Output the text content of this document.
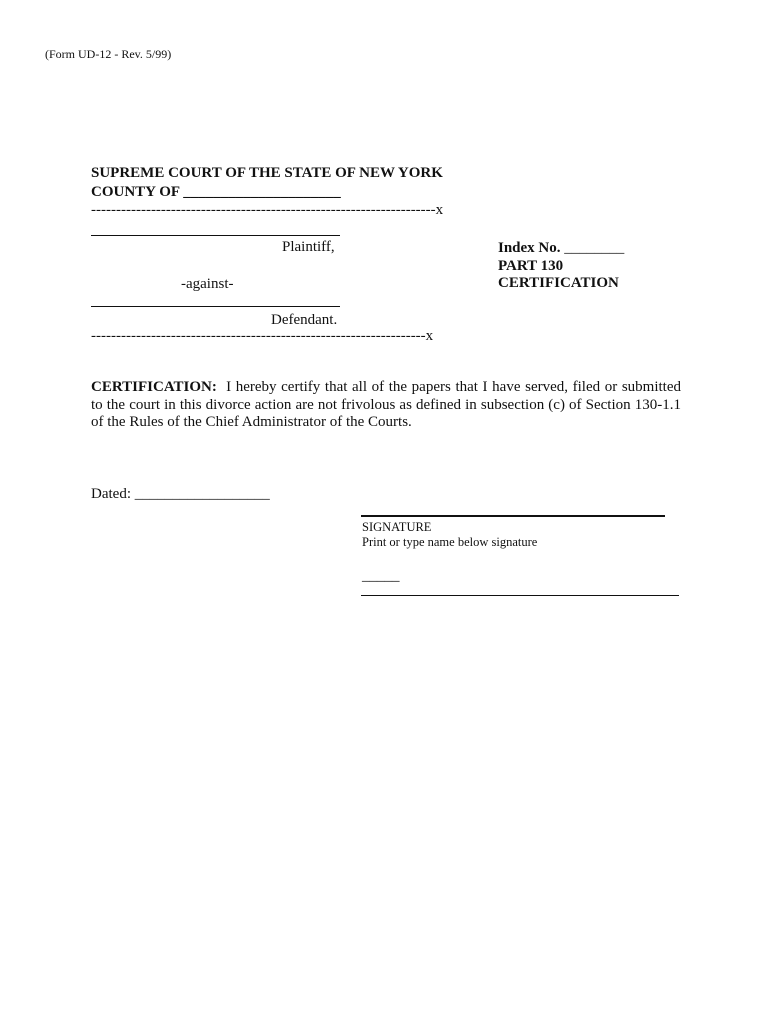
(Form UD-12 - Rev. 5/99)
SUPREME COURT OF THE STATE OF NEW YORK
COUNTY OF _____________________
---------------------------------------------------------------------x
Plaintiff,
-against-
Defendant.
-------------------------------------------------------------------x
Index No. ________
PART 130
CERTIFICATION
CERTIFICATION: I hereby certify that all of the papers that I have served, filed or submitted to the court in this divorce action are not frivolous as defined in subsection (c) of Section 130-1.1 of the Rules of the Chief Administrator of the Courts.
Dated: __________________
SIGNATURE
Print or type name below signature
_____
